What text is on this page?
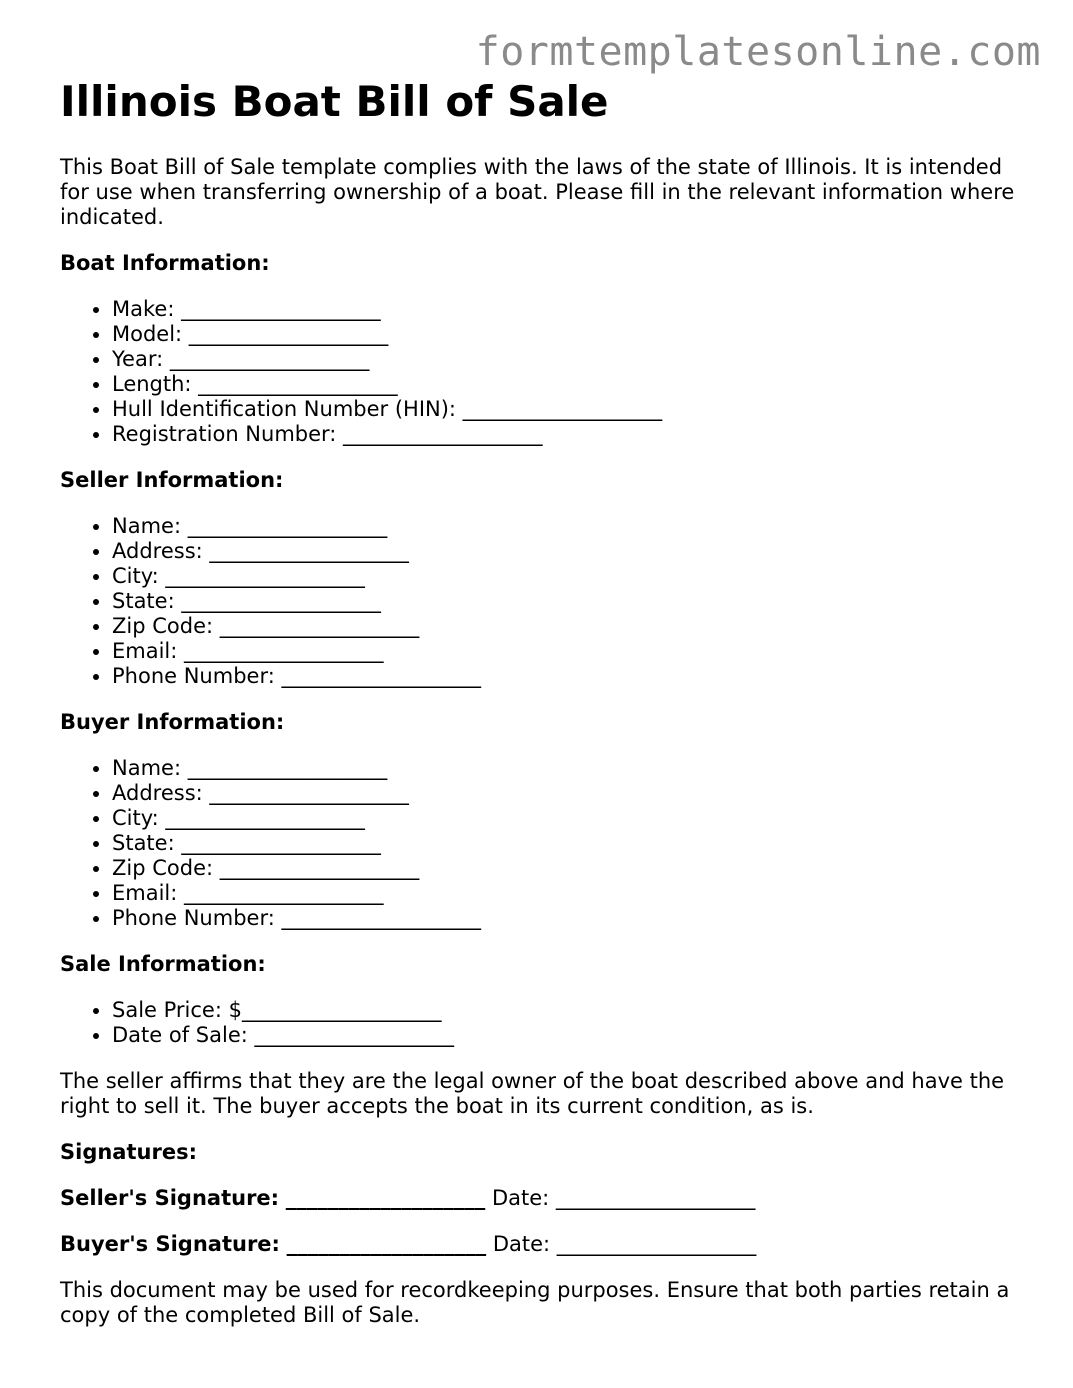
formtemplatesonline.com
Illinois Boat Bill of Sale

This Boat Bill of Sale template complies with the laws of the state of Illinois. It is intended for use when transferring ownership of a boat. Please fill in the relevant information where indicated.

Boat Information:

• Make: ___________________
• Model: ___________________
• Year: ___________________
• Length: ___________________
• Hull Identification Number (HIN): ___________________
• Registration Number: ___________________

Seller Information:

• Name: ___________________
• Address: ___________________
• City: ___________________
• State: ___________________
• Zip Code: ___________________
• Email: ___________________
• Phone Number: ___________________

Buyer Information:

• Name: ___________________
• Address: ___________________
• City: ___________________
• State: ___________________
• Zip Code: ___________________
• Email: ___________________
• Phone Number: ___________________

Sale Information:

• Sale Price: $___________________
• Date of Sale: ___________________

The seller affirms that they are the legal owner of the boat described above and have the right to sell it. The buyer accepts the boat in its current condition, as is.

Signatures:

Seller's Signature: ___________________ Date: ___________________

Buyer's Signature: ___________________ Date: ___________________

This document may be used for recordkeeping purposes. Ensure that both parties retain a copy of the completed Bill of Sale.
